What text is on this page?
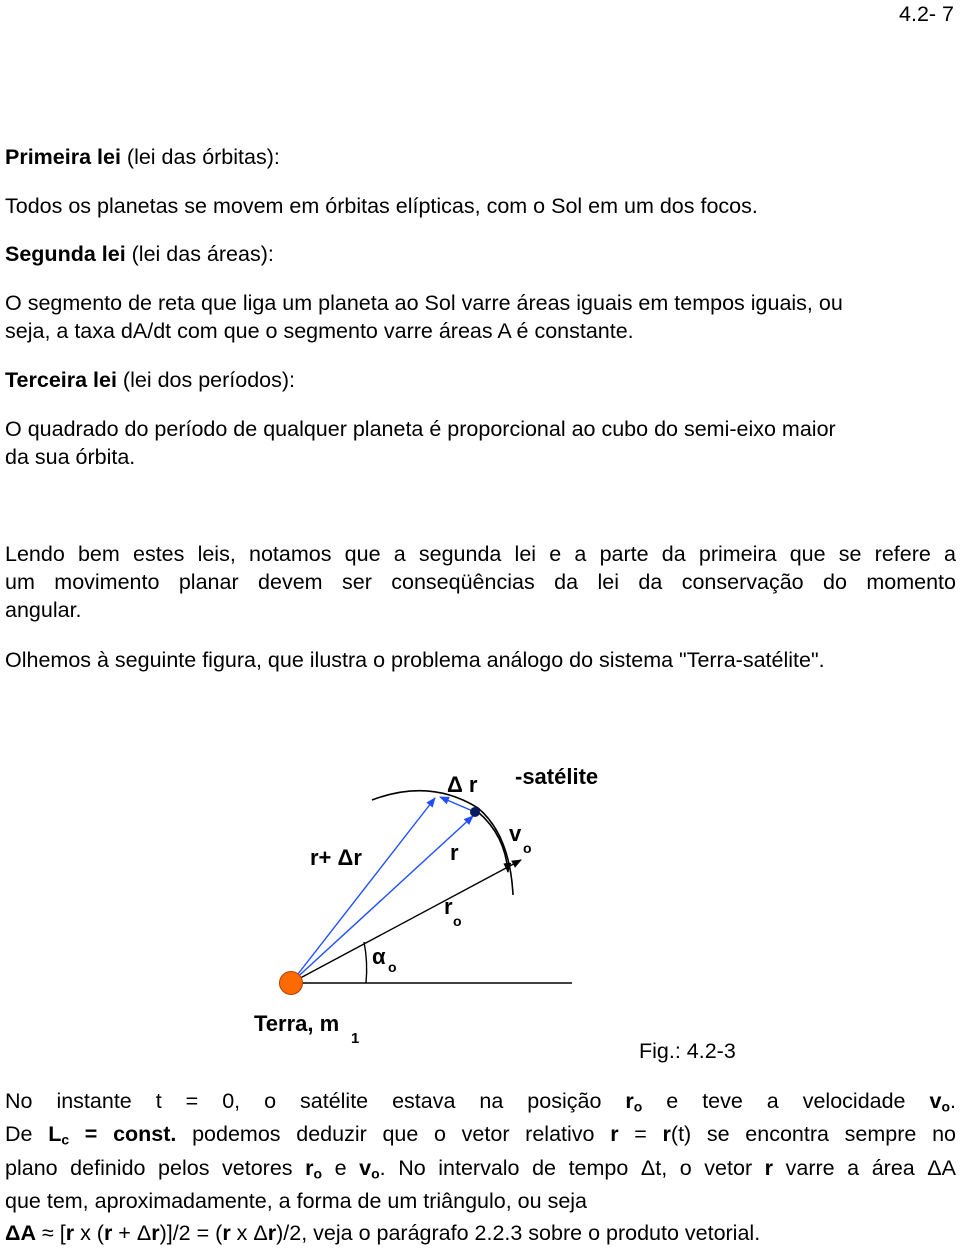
4.2- 7

Primeira lei (lei das órbitas):

Todos os planetas se movem em órbitas elípticas, com o Sol em um dos focos.

Segunda lei (lei das áreas):

O segmento de reta que liga um planeta ao Sol varre áreas iguais em tempos iguais, ou
seja, a taxa dA/dt com que o segmento varre áreas A é constante.

Terceira lei (lei dos períodos):

O quadrado do período de qualquer planeta é proporcional ao cubo do semi-eixo maior
da sua órbita.
Lendo bem estes leis, notamos que a segunda lei e a parte da primeira que se refere a
um movimento planar devem ser conseqüências da lei da conservação do momento
angular.

Olhemos à seguinte figura, que ilustra o problema análogo do sistema "Terra-satélite".

Δ r -satélite
r+ Δr	r
v
o
r
o
α o
Terra, m
1
Fig.: 4.2-3
No instante t = 0, o satélite estava na posição $r_o$ e teve a velocidade $v_o$.
De $L_c$ = const. podemos deduzir que o vetor relativo r = r(t) se encontra sempre no
plano definido pelos vetores $r_o$ e $v_o$. No intervalo de tempo Δt, o vetor r varre a área ΔA
que tem, aproximadamente, a forma de um triângulo, ou seja
ΔA ≈ [r x (r + Δr)]/2 = (r x Δr)/2, veja o parágrafo 2.2.3 sobre o produto vetorial.
